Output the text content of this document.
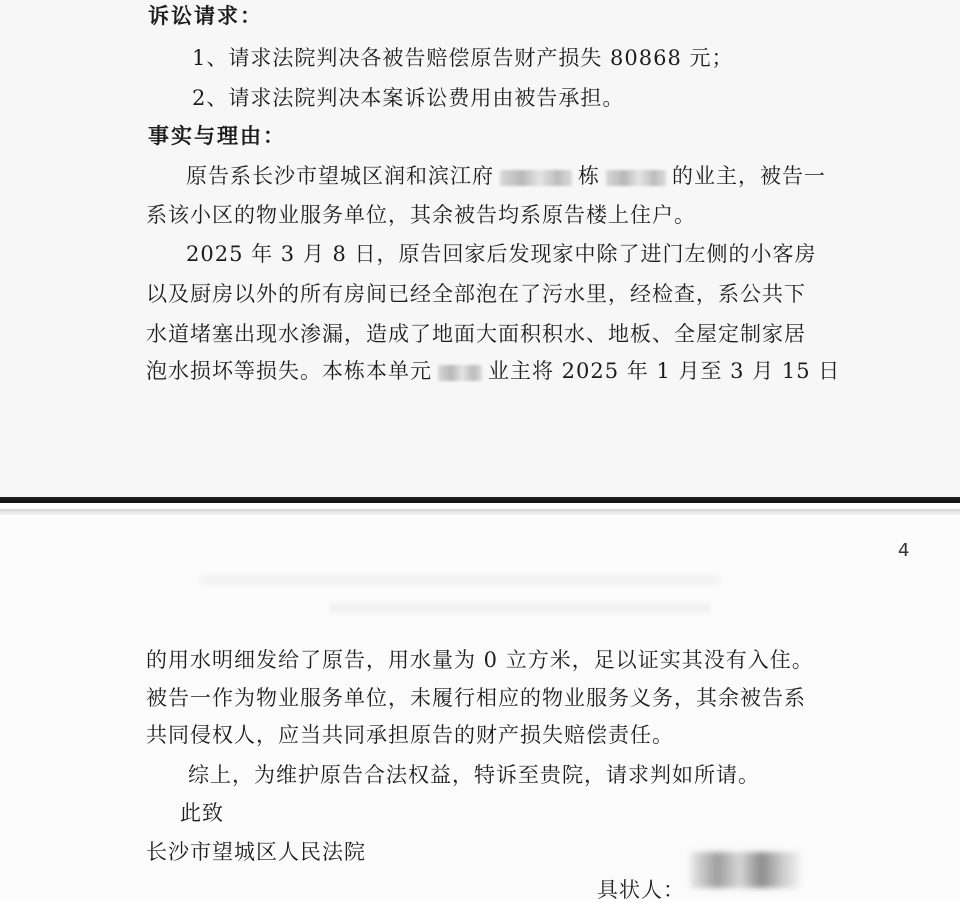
诉讼请求：
1、请求法院判决各被告赔偿原告财产损失 80868 元；
2、请求法院判决本案诉讼费用由被告承担。
事实与理由：
原告系长沙市望城区润和滨江府	栋	的业主，被告一
系该小区的物业服务单位，其余被告均系原告楼上住户。
2025 年 3 月 8 日，原告回家后发现家中除了进门左侧的小客房
以及厨房以外的所有房间已经全部泡在了污水里，经检查，系公共下
水道堵塞出现水渗漏，造成了地面大面积积水、地板、全屋定制家居
泡水损坏等损失。本栋本单元	业主将 2025 年 1 月至 3 月 15 日
4
的用水明细发给了原告，用水量为 0 立方米，足以证实其没有入住。
被告一作为物业服务单位，未履行相应的物业服务义务，其余被告系
共同侵权人，应当共同承担原告的财产损失赔偿责任。
综上，为维护原告合法权益，特诉至贵院，请求判如所请。
此致
长沙市望城区人民法院
具状人：
